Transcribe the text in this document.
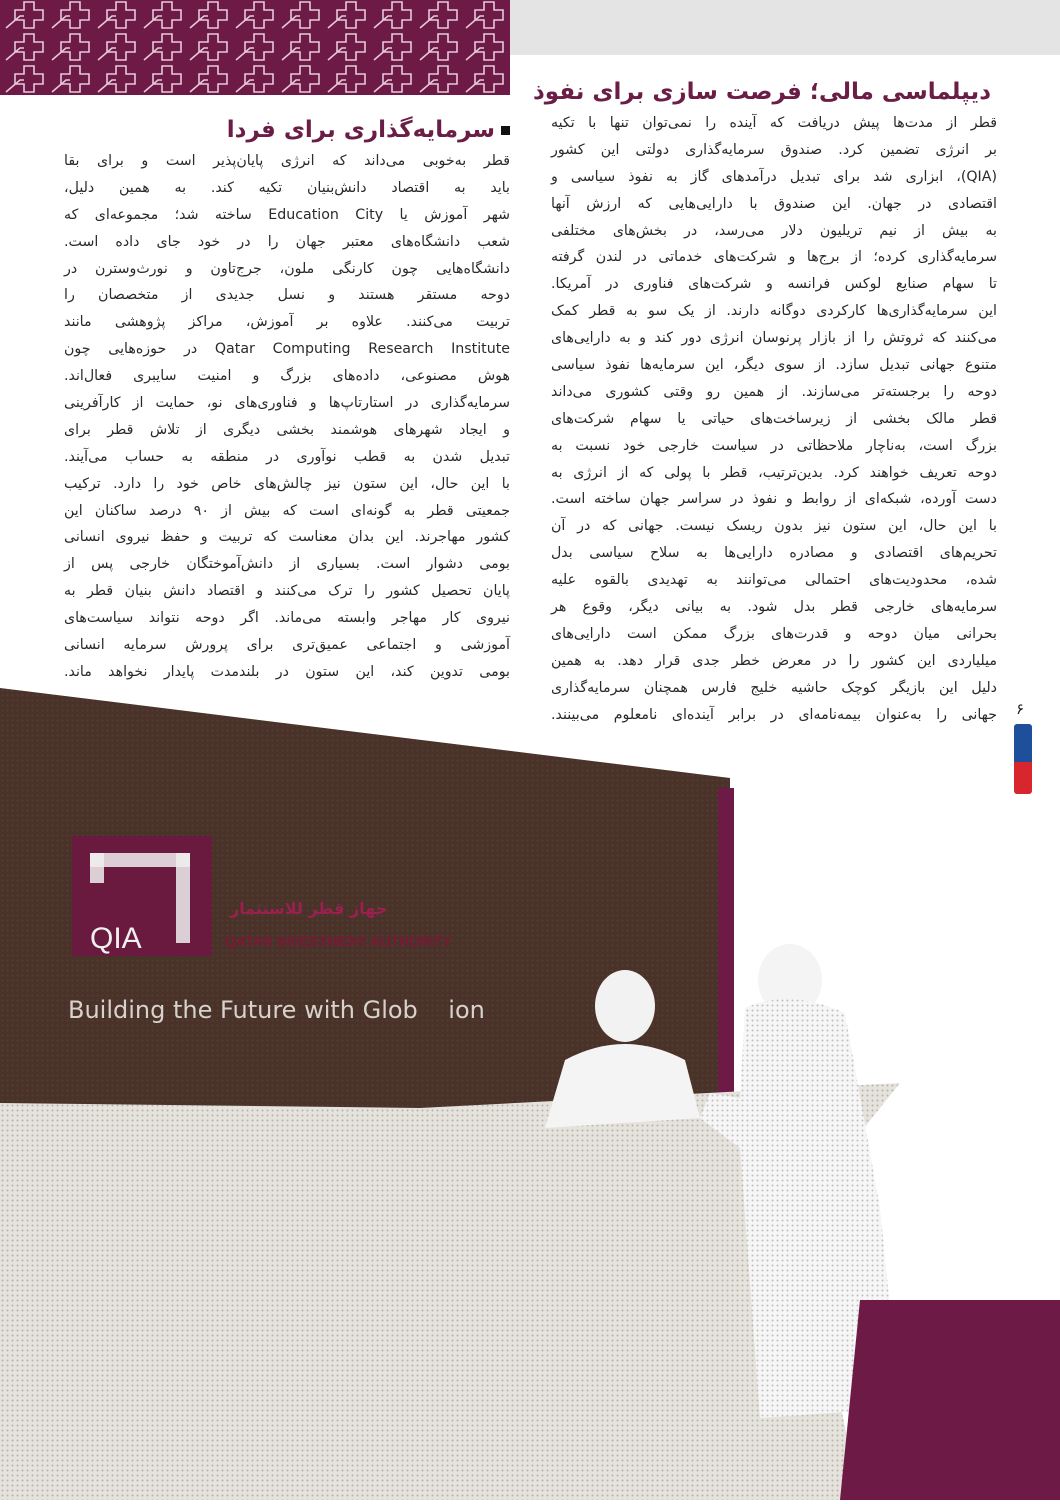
دیپلماسی مالی؛ فرصت سازی برای نفوذ
قطر از مدت‌ها پیش دریافت که آینده را نمی‌توان تنها با تکیه
بر انرژی تضمین کرد. صندوق سرمایه‌گذاری دولتی این کشور
(QIA)، ابزاری شد برای تبدیل درآمدهای گاز به نفوذ سیاسی و
اقتصادی در جهان. این صندوق با دارایی‌هایی که ارزش آنها
به بیش از نیم تریلیون دلار می‌رسد، در بخش‌های مختلفی
سرمایه‌گذاری کرده؛ از برج‌ها و شرکت‌های خدماتی در لندن گرفته
تا سهام صنایع لوکس فرانسه و شرکت‌های فناوری در آمریکا.
این سرمایه‌گذاری‌ها کارکردی دوگانه دارند. از یک سو به قطر کمک
می‌کنند که ثروتش را از بازار پرنوسان انرژی دور کند و به دارایی‌های
متنوع جهانی تبدیل سازد. از سوی دیگر، این سرمایه‌ها نفوذ سیاسی
دوحه را برجسته‌تر می‌سازند. از همین رو وقتی کشوری می‌داند
قطر مالک بخشی از زیرساخت‌های حیاتی یا سهام شرکت‌های
بزرگ است، به‌ناچار ملاحظاتی در سیاست خارجی خود نسبت به
دوحه تعریف خواهند کرد. بدین‌ترتیب، قطر با پولی که از انرژی به
دست آورده، شبکه‌ای از روابط و نفوذ در سراسر جهان ساخته است.
با این حال، این ستون نیز بدون ریسک نیست. جهانی که در آن
تحریم‌های اقتصادی و مصادره دارایی‌ها به سلاح سیاسی بدل
شده، محدودیت‌های احتمالی می‌توانند به تهدیدی بالقوه علیه
سرمایه‌های خارجی قطر بدل شود. به بیانی دیگر، وقوع هر
بحرانی میان دوحه و قدرت‌های بزرگ ممکن است دارایی‌های
میلیاردی این کشور را در معرض خطر جدی قرار دهد. به همین
دلیل این بازیگر کوچک حاشیه خلیج فارس همچنان سرمایه‌گذاری
جهانی را به‌عنوان بیمه‌نامه‌ای در برابر آینده‌ای نامعلوم می‌بینند.
سرمایه‌گذاری برای فردا
قطر به‌خوبی می‌داند که انرژی پایان‌پذیر است و برای بقا
باید به اقتصاد دانش‌بنیان تکیه کند. به همین دلیل،
شهر آموزش یا Education City ساخته شد؛ مجموعه‌ای که
شعب دانشگاه‌های معتبر جهان را در خود جای داده است.
دانشگاه‌هایی چون کارنگی ملون، جرج‌تاون و نورث‌وسترن در
دوحه مستقر هستند و نسل جدیدی از متخصصان را
تربیت می‌کنند. علاوه بر آموزش، مراکز پژوهشی مانند
Qatar Computing Research Institute در حوزه‌هایی چون
هوش مصنوعی، داده‌های بزرگ و امنیت سایبری فعال‌اند.
سرمایه‌گذاری در استارتاپ‌ها و فناوری‌های نو، حمایت از کارآفرینی
و ایجاد شهرهای هوشمند بخشی دیگری از تلاش قطر برای
تبدیل شدن به قطب نوآوری در منطقه به حساب می‌آیند.
با این حال، این ستون نیز چالش‌های خاص خود را دارد. ترکیب
جمعیتی قطر به گونه‌ای است که بیش از ۹۰ درصد ساکنان این
کشور مهاجرند. این بدان معناست که تربیت و حفظ نیروی انسانی
بومی دشوار است. بسیاری از دانش‌آموختگان خارجی پس از
پایان تحصیل کشور را ترک می‌کنند و اقتصاد دانش بنیان قطر به
نیروی کار مهاجر وابسته می‌ماند. اگر دوحه نتواند سیاست‌های
آموزشی و اجتماعی عمیق‌تری برای پرورش سرمایه انسانی
بومی تدوین کند، این ستون در بلندمدت پایدار نخواهد ماند.
۶
QIA
جهاز قطر للاستثمار
QATAR INVESTMENT AUTHORITY
Building the Future with Glob    ion
